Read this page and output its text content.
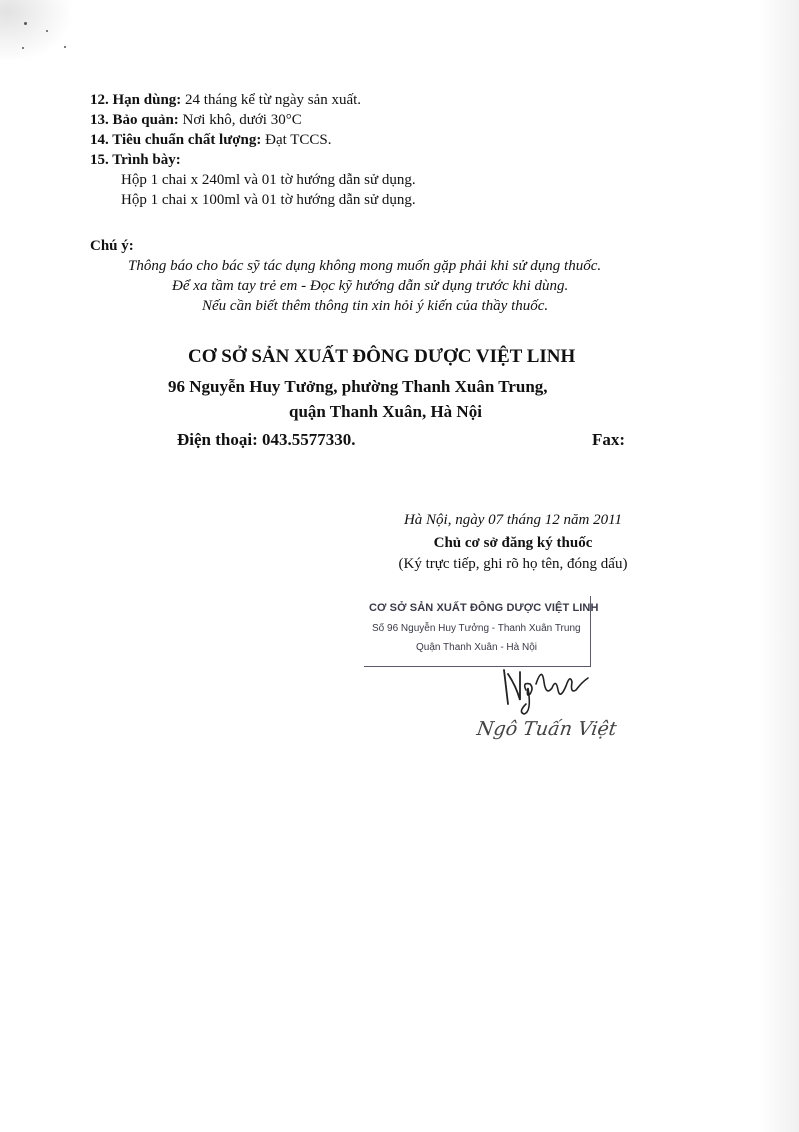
12. Hạn dùng: 24 tháng kể từ ngày sản xuất.
13. Bảo quản: Nơi khô, dưới 30°C
14. Tiêu chuẩn chất lượng: Đạt TCCS.
15. Trình bày:
Hộp 1 chai x 240ml và 01 tờ hướng dẫn sử dụng.
Hộp 1 chai x 100ml và 01 tờ hướng dẫn sử dụng.
Chú ý:
Thông báo cho bác sỹ tác dụng không mong muốn gặp phải khi sử dụng thuốc.
Để xa tầm tay trẻ em - Đọc kỹ hướng dẫn sử dụng trước khi dùng.
Nếu cần biết thêm thông tin xin hỏi ý kiến của thầy thuốc.
CƠ SỞ SẢN XUẤT ĐÔNG DƯỢC VIỆT LINH
96 Nguyễn Huy Tưởng, phường Thanh Xuân Trung,
quận Thanh Xuân, Hà Nội
Điện thoại: 043.5577330.	Fax:
Hà Nội, ngày 07 tháng 12 năm 2011
Chủ cơ sở đăng ký thuốc
(Ký trực tiếp, ghi rõ họ tên, đóng dấu)
CƠ SỞ SẢN XUẤT ĐÔNG DƯỢC VIỆT LINH
Số 96 Nguyễn Huy Tưởng - Thanh Xuân Trung
Quận Thanh Xuân - Hà Nội
Ngô Tuấn Việt
